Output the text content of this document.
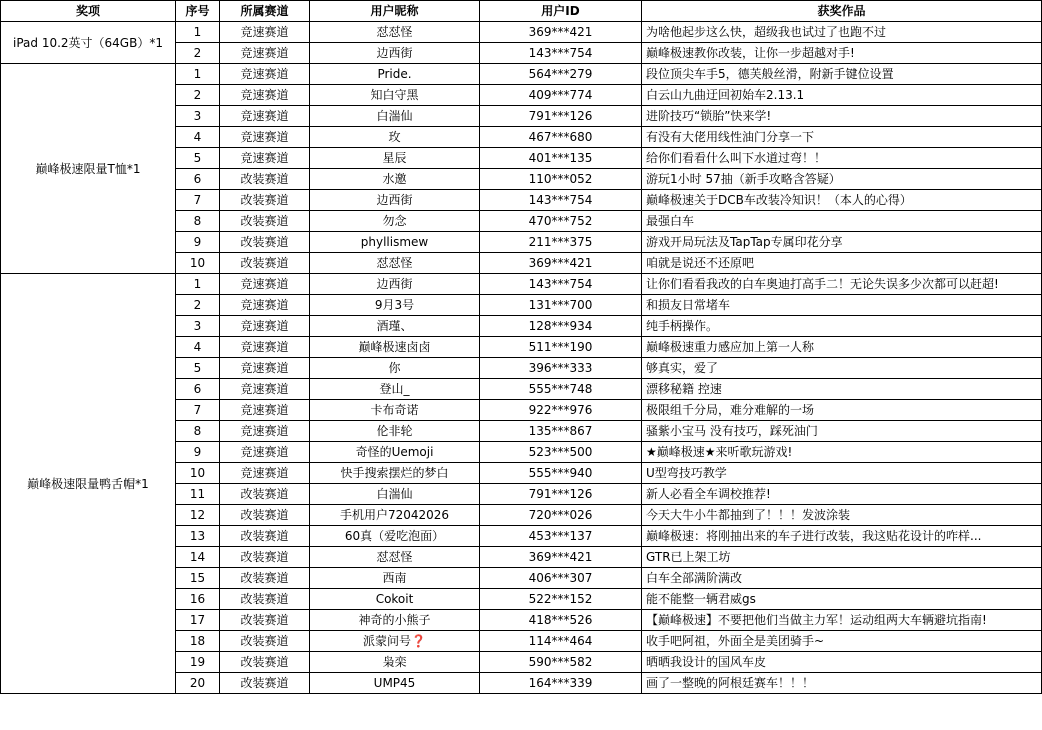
奖项	序号	所属赛道	用户昵称	用户ID	获奖作品
iPad 10.2英寸（64GB）*1	1	竞速赛道	怼怼怪	369***421	为啥他起步这么快，超级我也试过了也跑不过
	2	竞速赛道	边西街	143***754	巅峰极速教你改装，让你一步超越对手!
巅峰极速限量T恤*1	1	竞速赛道	Pride.	564***279	段位顶尖车手5，德芙般丝滑，附新手键位设置
	2	竞速赛道	知白守黑	409***774	白云山九曲迂回初始车2.13.1
	3	竞速赛道	白湍仙	791***126	进阶技巧“锁胎”快来学!
	4	竞速赛道	玫	467***680	有没有大佬用线性油门分享一下
	5	竞速赛道	星辰	401***135	给你们看看什么叫下水道过弯！！
	6	改装赛道	水邀	110***052	游玩1小时 57抽（新手攻略含答疑）
	7	改装赛道	边西街	143***754	巅峰极速关于DCB车改装冷知识！（本人的心得）
	8	改装赛道	勿念	470***752	最强白车
	9	改装赛道	phyllismew	211***375	游戏开局玩法及TapTap专属印花分享
	10	改装赛道	怼怼怪	369***421	咱就是说还不还原吧
巅峰极速限量鸭舌帽*1	1	竞速赛道	边西街	143***754	让你们看看我改的白车奥迪打高手二！无论失误多少次都可以赶超!
	2	竞速赛道	9月3号	131***700	和损友日常堵车
	3	竞速赛道	酒瑾、	128***934	纯手柄操作。
	4	竞速赛道	巅峰极速卤卤	511***190	巅峰极速重力感应加上第一人称
	5	竞速赛道	你	396***333	够真实，爱了
	6	竞速赛道	登山_	555***748	漂移秘籍 控速
	7	竞速赛道	卡布奇诺	922***976	极限组千分局，难分难解的一场
	8	竞速赛道	伦非轮	135***867	骚紫小宝马 没有技巧，踩死油门
	9	竞速赛道	奇怪的Uemoji	523***500	★巅峰极速★来听歌玩游戏!
	10	竞速赛道	快手搜索摆烂的梦白	555***940	U型弯技巧教学
	11	改装赛道	白湍仙	791***126	新人必看全车调校推荐!
	12	改装赛道	手机用户72042026	720***026	今天大牛小牛都抽到了！！！发波涂装
	13	改装赛道	60真（爱吃泡面）	453***137	巅峰极速：将刚抽出来的车子进行改装，我这贴花设计的咋样...
	14	改装赛道	怼怼怪	369***421	GTR已上架工坊
	15	改装赛道	西南	406***307	白车全部满阶满改
	16	改装赛道	Cokoit	522***152	能不能整一辆君威gs
	17	改装赛道	神奇的小熊子	418***526	【巅峰极速】不要把他们当做主力军！运动组两大车辆避坑指南!
	18	改装赛道	派蒙问号❓	114***464	收手吧阿祖，外面全是美团骑手~
	19	改装赛道	枭栾	590***582	晒晒我设计的国风车皮
	20	改装赛道	UMP45	164***339	画了一整晚的阿根廷赛车！！！
